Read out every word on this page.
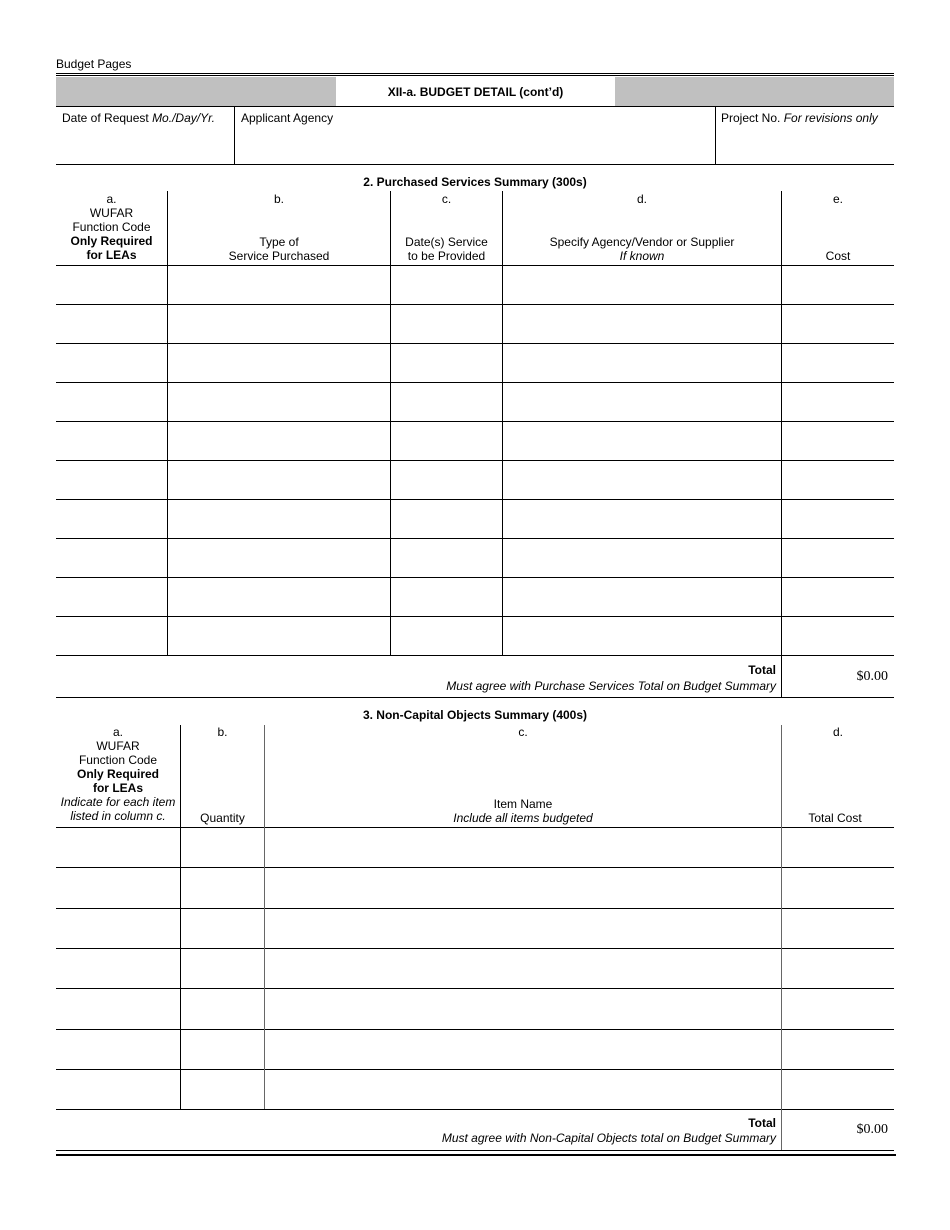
Budget Pages
XII-a. BUDGET DETAIL (cont’d)
Date of Request Mo./Day/Yr. Applicant Agency	Project No. For revisions only
2. Purchased Services Summary (300s)
a.
WUFAR
Function Code
Only Required
for LEAs
b.
Type of
Service Purchased
c.
Date(s) Service
to be Provided
d.
Specify Agency/Vendor or Supplier
If known
e.
Cost
Total
Must agree with Purchase Services Total on Budget Summary
$0.00
3. Non-Capital Objects Summary (400s)
a.
WUFAR
Function Code
Only Required
for LEAs
Indicate for each item
listed in column c.
b.
Quantity
c.
Item Name
Include all items budgeted
d.
Total Cost
Total
Must agree with Non-Capital Objects total on Budget Summary
$0.00
